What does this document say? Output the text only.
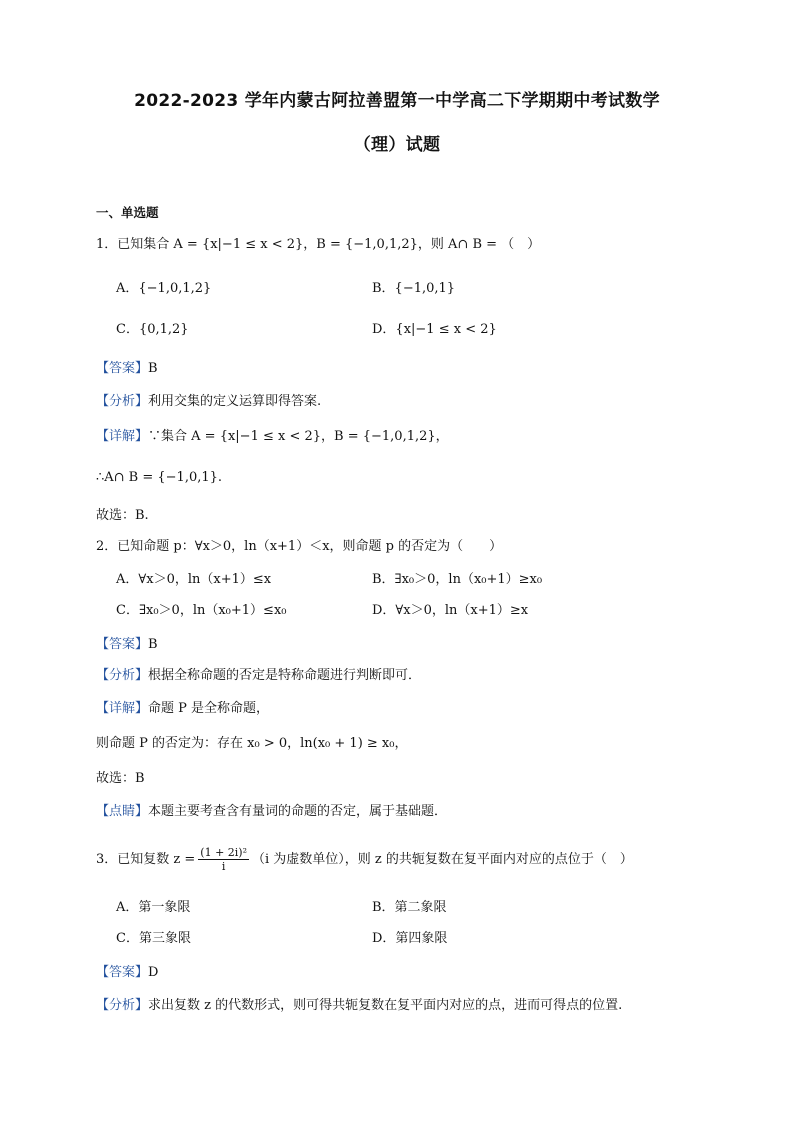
2022-2023 学年内蒙古阿拉善盟第一中学高二下学期期中考试数学
（理）试题
一、单选题
1．已知集合 A = {x|−1 ≤ x < 2}，B = {−1,0,1,2}，则 A∩ B = （　）
A．{−1,0,1,2}	B．{−1,0,1}
C．{0,1,2}	D．{x|−1 ≤ x < 2}
【答案】B
【分析】利用交集的定义运算即得答案.
【详解】∵集合 A = {x|−1 ≤ x < 2}，B = {−1,0,1,2}，
∴A∩ B = {−1,0,1}.
故选：B.
2．已知命题 p：∀x＞0，ln（x+1）＜x，则命题 p 的否定为（　　）
A．∀x＞0，ln（x+1）≤x	B．∃x₀＞0，ln（x₀+1）≥x₀
C．∃x₀＞0，ln（x₀+1）≤x₀	D．∀x＞0，ln（x+1）≥x
【答案】B
【分析】根据全称命题的否定是特称命题进行判断即可．
【详解】命题 P 是全称命题，
则命题 P 的否定为：存在 x₀ > 0，ln(x₀ + 1) ≥ x₀，
故选：B
【点睛】本题主要考查含有量词的命题的否定，属于基础题．
3．已知复数 $z = \frac{\text{(1 + 2i)²}}{i} (i$ 为虚数单位），则 z 的共轭复数在复平面内对应的点位于（　）
A．第一象限	B．第二象限
C．第三象限	D．第四象限
【答案】D
【分析】求出复数 z 的代数形式，则可得共轭复数在复平面内对应的点，进而可得点的位置.
